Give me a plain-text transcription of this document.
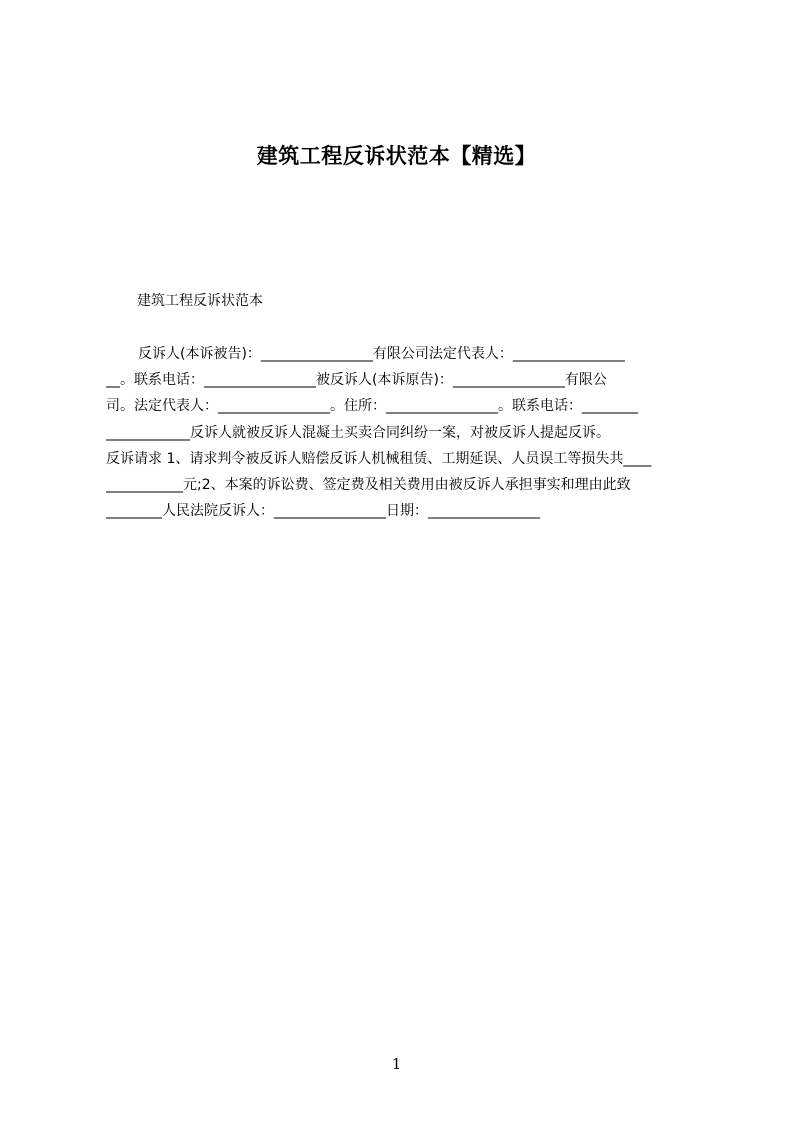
建筑工程反诉状范本【精选】
建筑工程反诉状范本
反诉人(本诉被告)：________________有限公司法定代表人：________________
__。联系电话：________________被反诉人(本诉原告)：________________有限公
司。法定代表人：________________。住所：________________。联系电话：________
____________反诉人就被反诉人混凝土买卖合同纠纷一案，对被反诉人提起反诉。
反诉请求 1、请求判令被反诉人赔偿反诉人机械租赁、工期延误、人员误工等损失共____
___________元;2、本案的诉讼费、签定费及相关费用由被反诉人承担事实和理由此致
________人民法院反诉人：________________日期：________________
1
